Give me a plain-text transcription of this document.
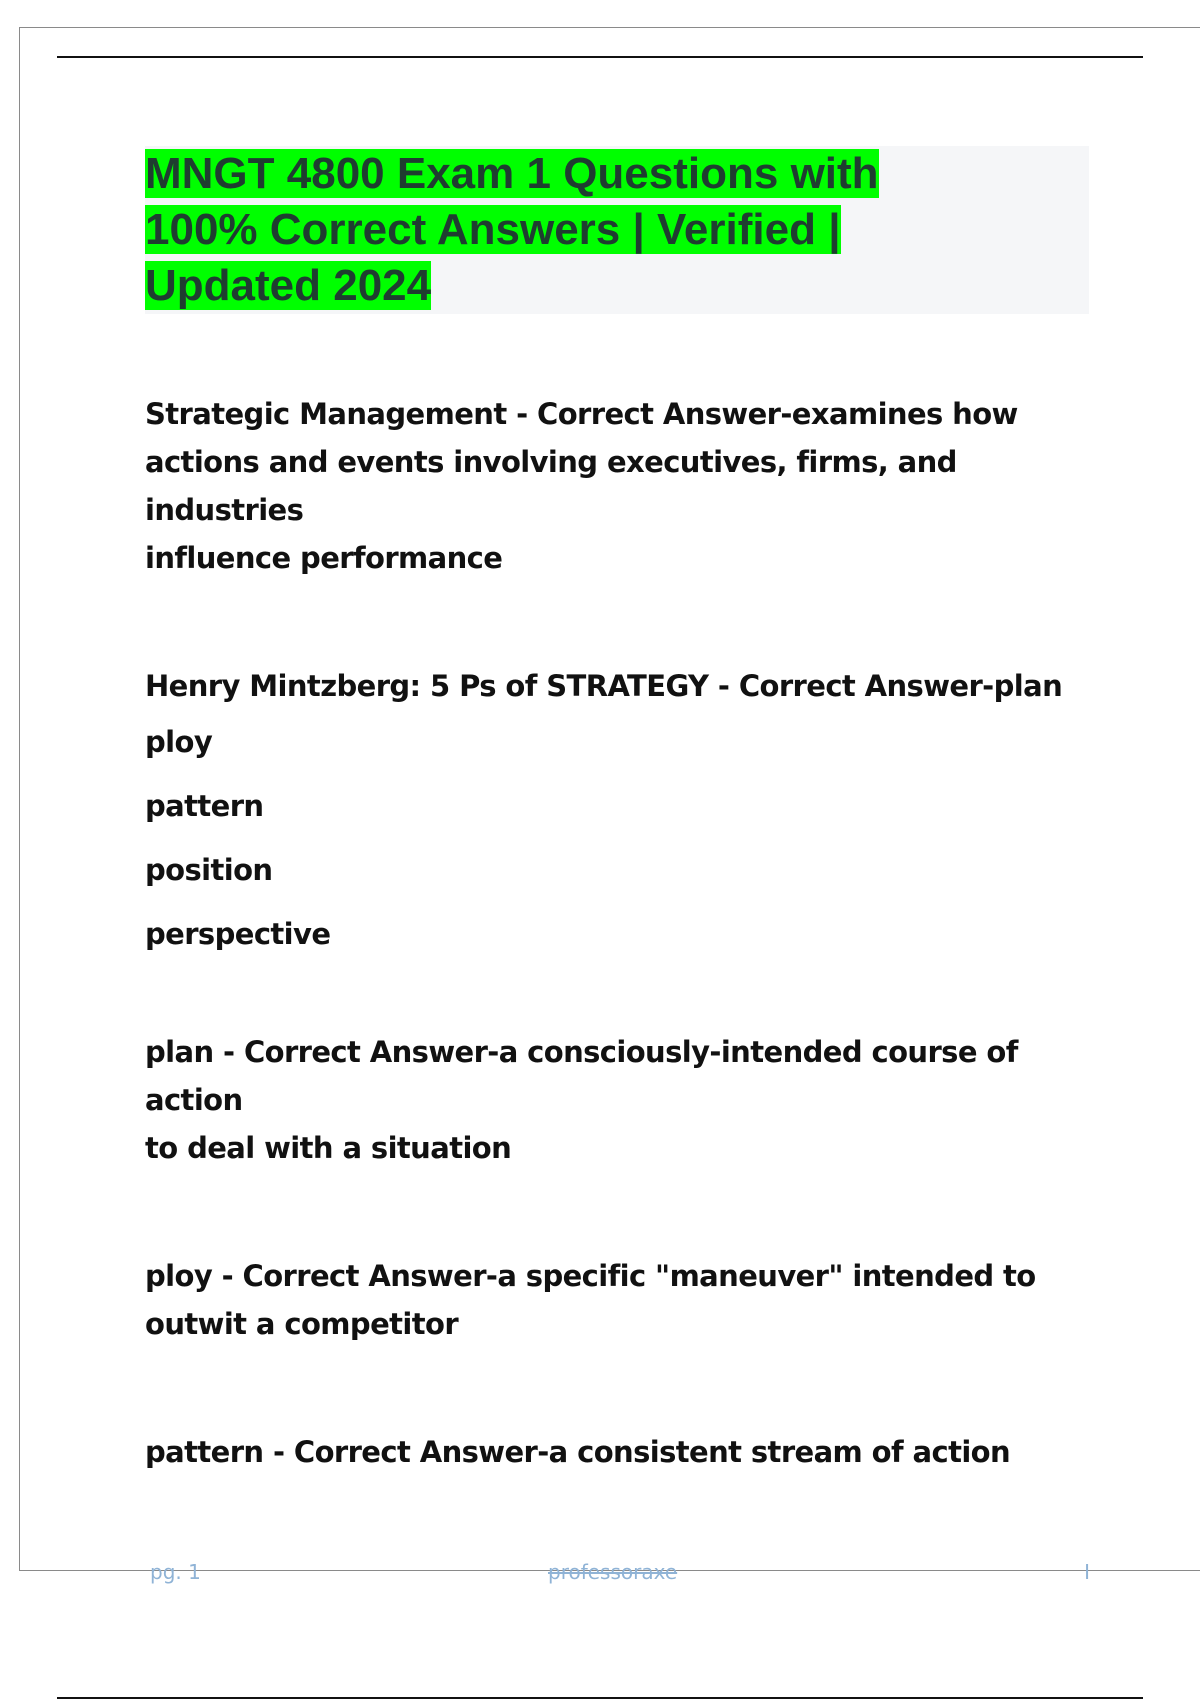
MNGT 4800 Exam 1 Questions with
100% Correct Answers | Verified |
Updated 2024

Strategic Management - Correct Answer-examines how
actions and events involving executives, firms, and industries
influence performance

Henry Mintzberg: 5 Ps of STRATEGY - Correct Answer-plan

ploy

pattern

position

perspective

plan - Correct Answer-a consciously-intended course of action
to deal with a situation

ploy - Correct Answer-a specific "maneuver" intended to
outwit a competitor

pattern - Correct Answer-a consistent stream of action

pg. 1	professoraxe	I
